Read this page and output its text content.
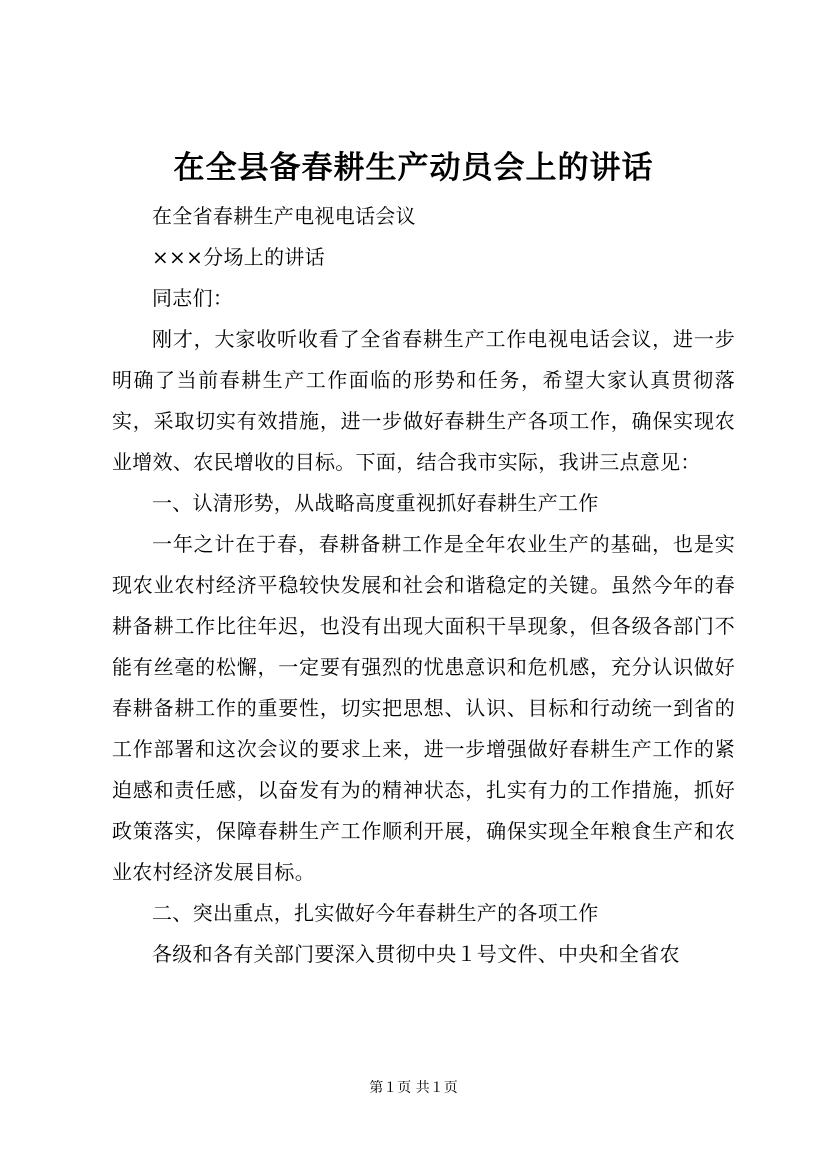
在全县备春耕生产动员会上的讲话

在全省春耕生产电视电话会议

×××分场上的讲话

同志们：

刚才，大家收听收看了全省春耕生产工作电视电话会议，进一步明确了当前春耕生产工作面临的形势和任务，希望大家认真贯彻落实，采取切实有效措施，进一步做好春耕生产各项工作，确保实现农业增效、农民增收的目标。下面，结合我市实际，我讲三点意见：

一、认清形势，从战略高度重视抓好春耕生产工作

一年之计在于春，春耕备耕工作是全年农业生产的基础，也是实现农业农村经济平稳较快发展和社会和谐稳定的关键。虽然今年的春耕备耕工作比往年迟，也没有出现大面积干旱现象，但各级各部门不能有丝毫的松懈，一定要有强烈的忧患意识和危机感，充分认识做好春耕备耕工作的重要性，切实把思想、认识、目标和行动统一到省的工作部署和这次会议的要求上来，进一步增强做好春耕生产工作的紧迫感和责任感，以奋发有为的精神状态，扎实有力的工作措施，抓好政策落实，保障春耕生产工作顺利开展，确保实现全年粮食生产和农业农村经济发展目标。

二、突出重点，扎实做好今年春耕生产的各项工作

各级和各有关部门要深入贯彻中央１号文件、中央和全省农

第１页 共１页
